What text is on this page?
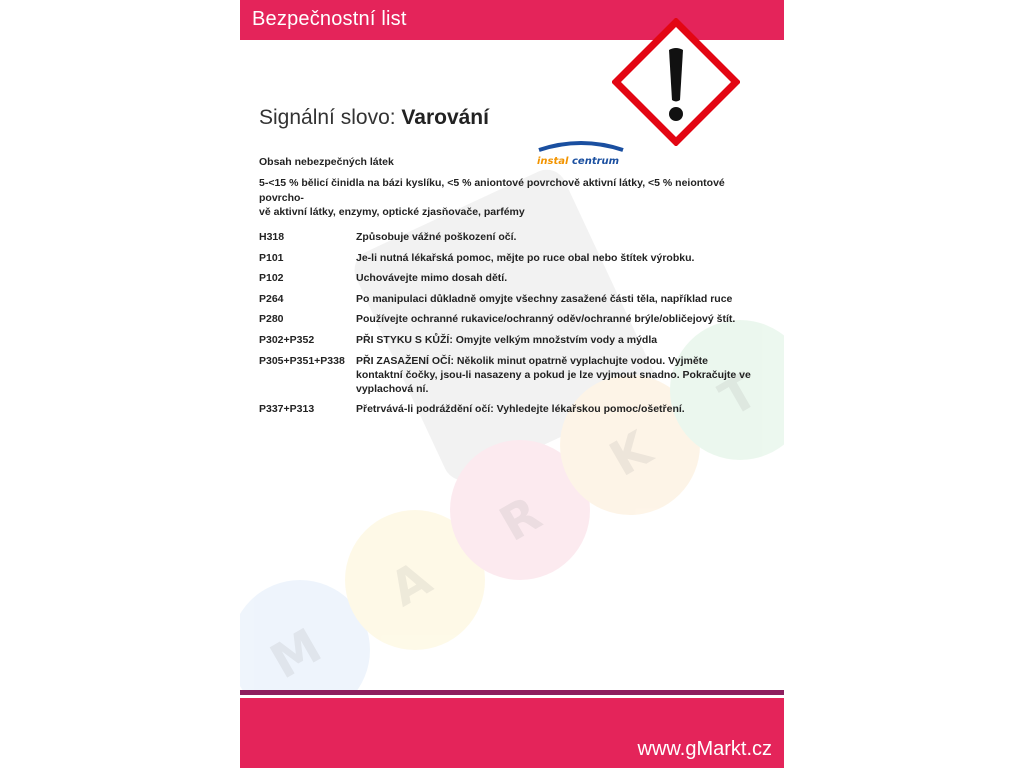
M
A
R
K
T
Bezpečnostní list
Signální slovo: Varování
Obsah nebezpečných látek
5-<15 % bělicí činidla na bázi kyslíku, <5 % aniontové povrchově aktivní látky, <5 % neiontové povrcho-
vě aktivní látky, enzymy, optické zjasňovače, parfémy
H318	Způsobuje vážné poškození očí.
P101	Je-li nutná lékařská pomoc, mějte po ruce obal nebo štítek výrobku.
P102	Uchovávejte mimo dosah dětí.
P264	Po manipulaci důkladně omyjte všechny zasažené části těla, například ruce
P280	Používejte ochranné rukavice/ochranný oděv/ochranné brýle/obličejový štít.
P302+P352	PŘI STYKU S KŮŽÍ: Omyjte velkým množstvím vody a mýdla
P305+P351+P338	PŘI ZASAŽENÍ OČÍ: Několik minut opatrně vyplachujte vodou. Vyjměte kontaktní čočky, jsou-li nasazeny a pokud je lze vyjmout snadno. Pokračujte ve vyplachová ní.
P337+P313	Přetrvává-li podráždění očí: Vyhledejte lékařskou pomoc/ošetření.
www.gMarkt.cz
instal centrum
